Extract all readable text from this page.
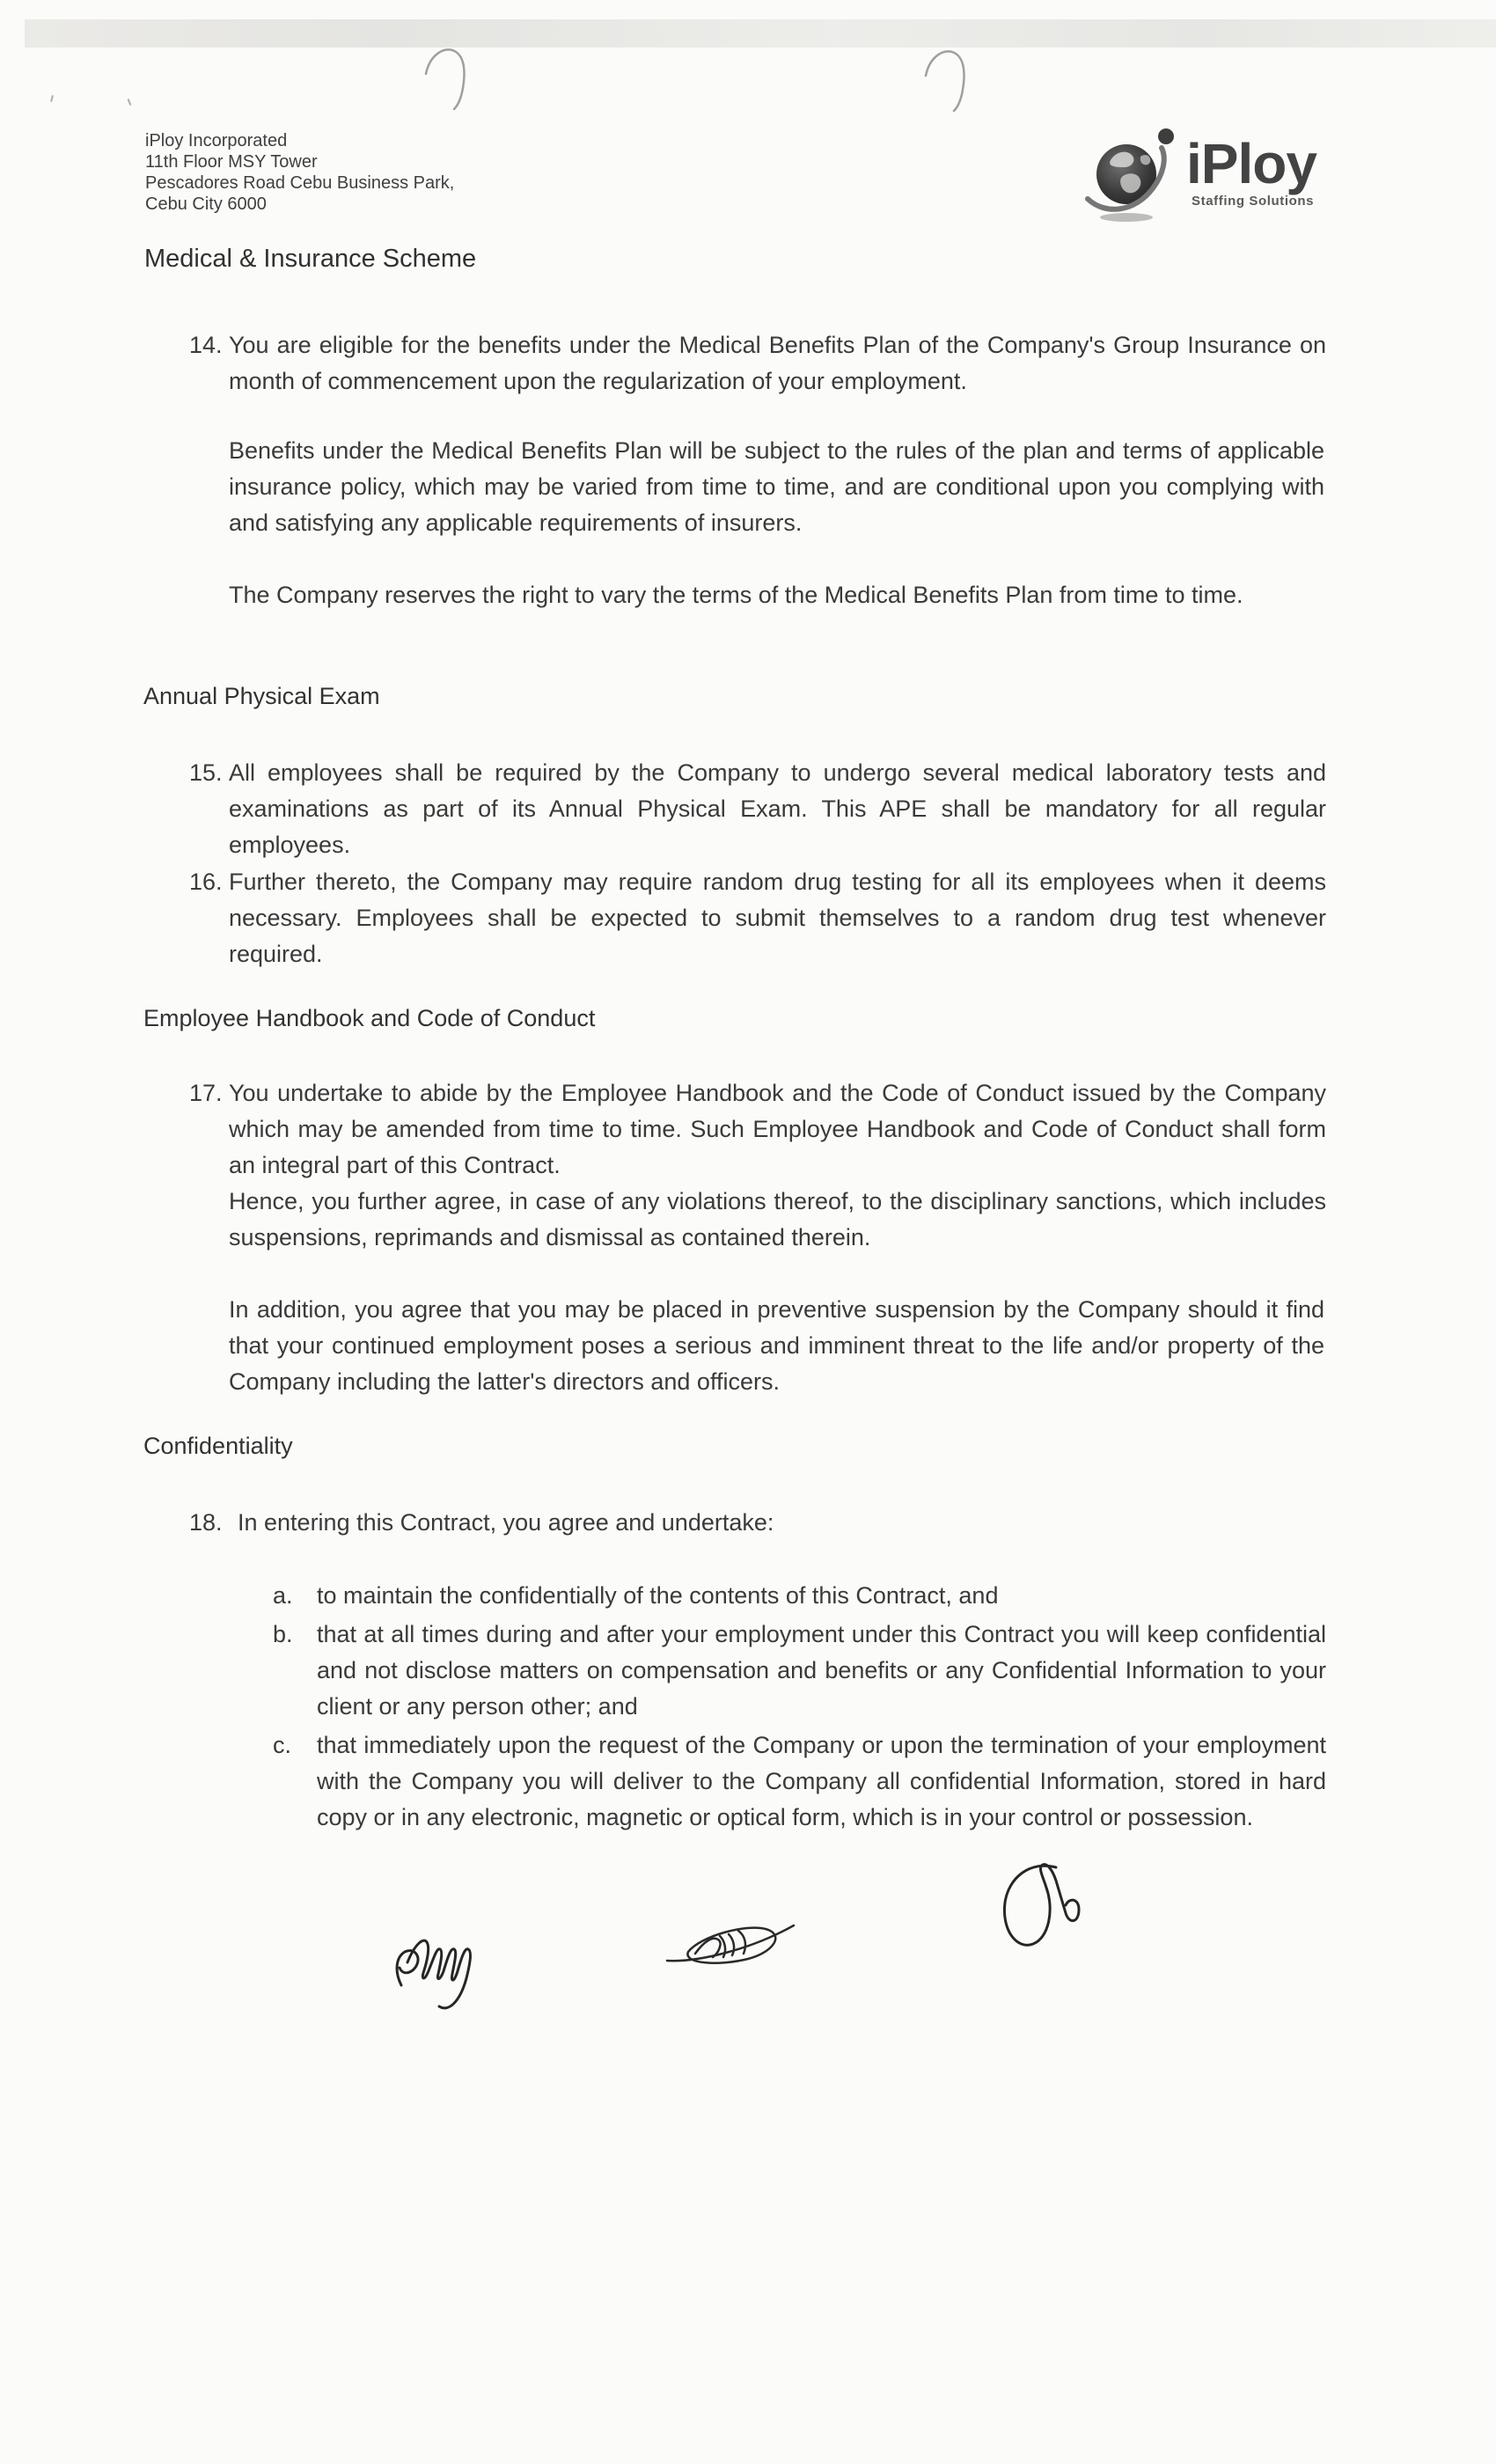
iPloy Incorporated
11th Floor MSY Tower
Pescadores Road Cebu Business Park,
Cebu City 6000
iPloy
Staffing Solutions
Medical & Insurance Scheme
14. You are eligible for the benefits under the Medical Benefits Plan of the Company's Group Insurance on month of commencement upon the regularization of your employment.
Benefits under the Medical Benefits Plan will be subject to the rules of the plan and terms of applicable insurance policy, which may be varied from time to time, and are conditional upon you complying with and satisfying any applicable requirements of insurers.
The Company reserves the right to vary the terms of the Medical Benefits Plan from time to time.
Annual Physical Exam
15. All employees shall be required by the Company to undergo several medical laboratory tests and examinations as part of its Annual Physical Exam. This APE shall be mandatory for all regular employees.
16. Further thereto, the Company may require random drug testing for all its employees when it deems necessary. Employees shall be expected to submit themselves to a random drug test whenever required.
Employee Handbook and Code of Conduct
17. You undertake to abide by the Employee Handbook and the Code of Conduct issued by the Company which may be amended from time to time. Such Employee Handbook and Code of Conduct shall form an integral part of this Contract.
Hence, you further agree, in case of any violations thereof, to the disciplinary sanctions, which includes suspensions, reprimands and dismissal as contained therein.
In addition, you agree that you may be placed in preventive suspension by the Company should it find that your continued employment poses a serious and imminent threat to the life and/or property of the Company including the latter's directors and officers.
Confidentiality
18. In entering this Contract, you agree and undertake:
a.	to maintain the confidentially of the contents of this Contract, and
b.	that at all times during and after your employment under this Contract you will keep confidential and not disclose matters on compensation and benefits or any Confidential Information to your client or any person other; and
c.	that immediately upon the request of the Company or upon the termination of your employment with the Company you will deliver to the Company all confidential Information, stored in hard copy or in any electronic, magnetic or optical form, which is in your control or possession.
